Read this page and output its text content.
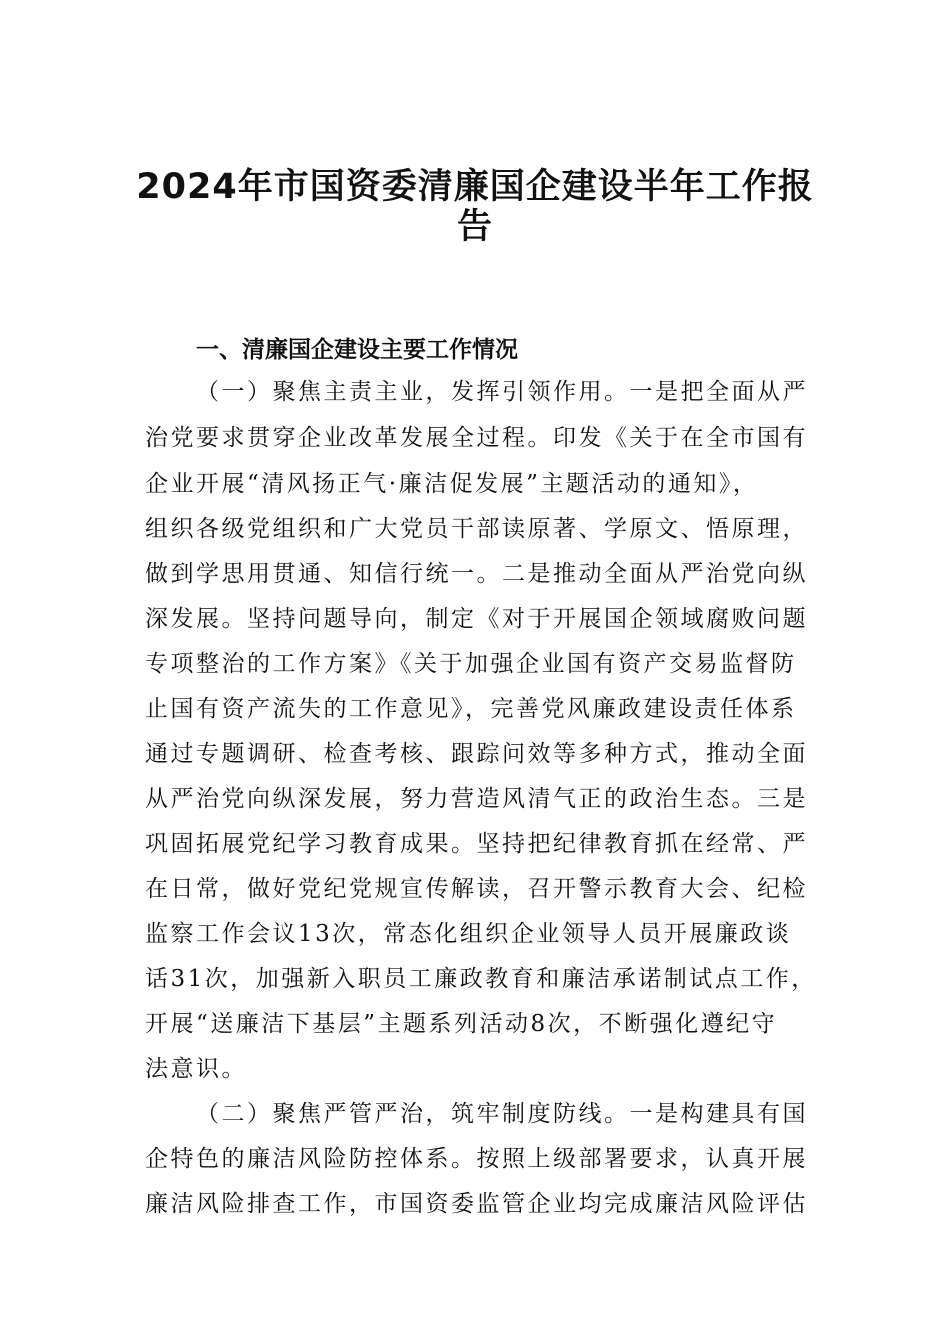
2024年市国资委清廉国企建设半年工作报
告
一、清廉国企建设主要工作情况
（一）聚焦主责主业，发挥引领作用。一是把全面从严
治党要求贯穿企业改革发展全过程。印发《关于在全市国有
企业开展“清风扬正气·廉洁促发展”主题活动的通知》，
组织各级党组织和广大党员干部读原著、学原文、悟原理，
做到学思用贯通、知信行统一。二是推动全面从严治党向纵
深发展。坚持问题导向，制定《对于开展国企领域腐败问题
专项整治的工作方案》《关于加强企业国有资产交易监督防
止国有资产流失的工作意见》，完善党风廉政建设责任体系
通过专题调研、检查考核、跟踪问效等多种方式，推动全面
从严治党向纵深发展，努力营造风清气正的政治生态。三是
巩固拓展党纪学习教育成果。坚持把纪律教育抓在经常、严
在日常，做好党纪党规宣传解读，召开警示教育大会、纪检
监察工作会议13次，常态化组织企业领导人员开展廉政谈
话31次，加强新入职员工廉政教育和廉洁承诺制试点工作，
开展“送廉洁下基层”主题系列活动8次，不断强化遵纪守
法意识。
（二）聚焦严管严治，筑牢制度防线。一是构建具有国
企特色的廉洁风险防控体系。按照上级部署要求，认真开展
廉洁风险排查工作，市国资委监管企业均完成廉洁风险评估
